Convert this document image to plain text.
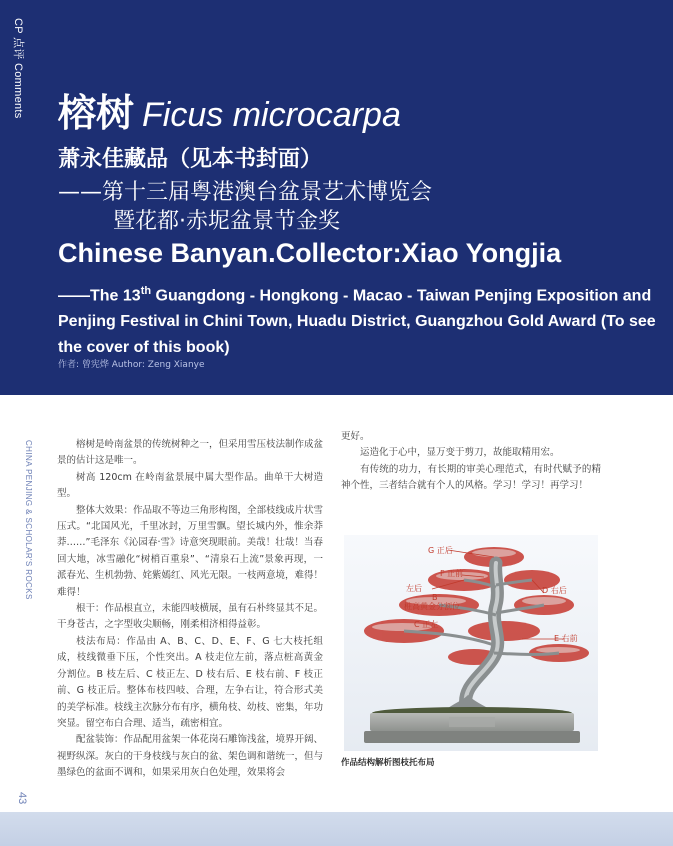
CP 点评 Comments 榕树 Ficus microcarpa
萧永佳藏品（见本书封面）
——第十三届粤港澳台盆景艺术博览会
暨花都·赤坭盆景节金奖
Chinese Banyan.Collector:Xiao Yongjia
——The 13th Guangdong - Hongkong - Macao - Taiwan Penjing Exposition and Penjing Festival in Chini Town, Huadu District, Guangzhou Gold Award (To see the cover of this book)
作者: 曾宪烨 Author: Zeng Xianye
CHINA PENJING & SCHOLAR'S ROCKS
43

榕树是岭南盆景的传统树种之一，但采用雪压枝法制作成盆景的估计这是唯一。

树高 120cm 在岭南盆景展中属大型作品。曲单干大树造型。

整体大效果：作品取不等边三角形构图，全部枝线成片状雪压式。“北国风光，千里冰封，万里雪飘。望长城内外，惟余莽莽……”毛泽东《沁园春·雪》诗意突现眼前。美哉！壮哉！当春回大地，冰雪融化“树梢百重泉”、“清泉石上流”景象再现，一派春光、生机勃勃、姹紫嫣红、风光无限。一枝两意境，难得！难得！

根干：作品根直立，未能四岐横展，虽有石朴终显其不足。干身苍古，之字型收尖顺畅，刚柔相济相得益彰。

枝法布局：作品由 A、B、C、D、E、F、G 七大枝托组成，枝线微垂下压，个性突出。A 枝走位左前，落点桩高黄金分割位。B 枝左后、C 枝正左、D 枝右后、E 枝右前、F 枝正前、G 枝正后。整体布枝四岐、合理，左争右让，符合形式美的美学标准。枝线主次脉分布有序，横角枝、幼枝、密集，年功突显。留空布白合理、适当，疏密相宜。

配盆装饰：作品配用盆架一体花岗石雕饰浅盆，境界开阔、视野纵深。灰白的干身枝线与灰白的盆、架色调和谐统一，但与墨绿色的盆面不调和，如果采用灰白色处理，效果将会

更好。

运造化于心中，显万变于剪刀，故能取精用宏。

有传统的功力，有长期的审美心理范式，有时代赋予的精神个性，三者结合就有个人的风格。学习！学习！再学习！

G 正后
F 正前
左后
B
D 右后
桩高黄金分割位
C 正左
E 右前
作品结构解析图枝托布局
